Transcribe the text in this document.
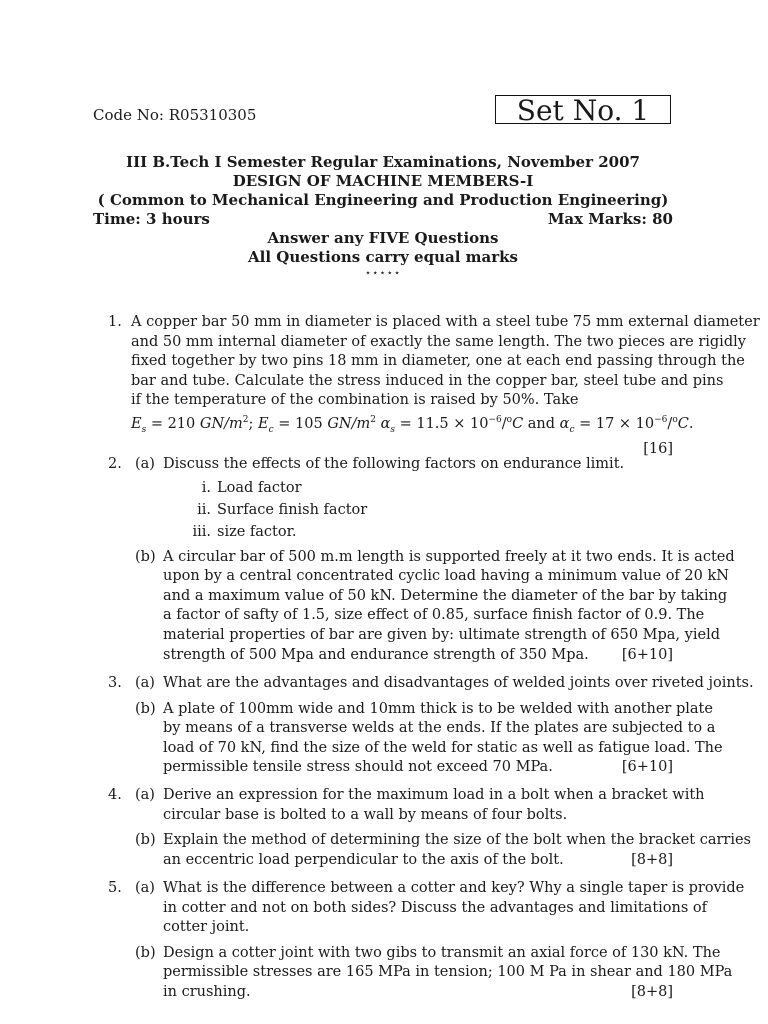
Code No: R05310305	Set No. 1
III B.Tech I Semester Regular Examinations, November 2007
DESIGN OF MACHINE MEMBERS-I
( Common to Mechanical Engineering and Production Engineering)
Time: 3 hours	Max Marks: 80
Answer any FIVE Questions
All Questions carry equal marks
⋆⋆⋆⋆⋆
1. A copper bar 50 mm in diameter is placed with a steel tube 75 mm external diameter
and 50 mm internal diameter of exactly the same length. The two pieces are rigidly
fixed together by two pins 18 mm in diameter, one at each end passing through the
bar and tube. Calculate the stress induced in the copper bar, steel tube and pins
if the temperature of the combination is raised by 50%. Take
$E_s = 210$ $GN/m^2$; $E_c = 105$ $GN/m^2$ $\alpha_s = 11.5 \times 10^{-6}/^oC$ and $\alpha_c = 17 \times 10^{-6}/^oC$.
[16]
2. (a) Discuss the effects of the following factors on endurance limit.
i. Load factor
ii. Surface finish factor
iii. size factor.
(b) A circular bar of 500 m.m length is supported freely at it two ends. It is acted
upon by a central concentrated cyclic load having a minimum value of 20 kN
and a maximum value of 50 kN. Determine the diameter of the bar by taking
a factor of safty of 1.5, size effect of 0.85, surface finish factor of 0.9. The
material properties of bar are given by: ultimate strength of 650 Mpa, yield
strength of 500 Mpa and endurance strength of 350 Mpa. [6+10]
3. (a) What are the advantages and disadvantages of welded joints over riveted joints.
(b) A plate of 100mm wide and 10mm thick is to be welded with another plate
by means of a transverse welds at the ends. If the plates are subjected to a
load of 70 kN, find the size of the weld for static as well as fatigue load. The
permissible tensile stress should not exceed 70 MPa.	[6+10]
4. (a) Derive an expression for the maximum load in a bolt when a bracket with
circular base is bolted to a wall by means of four bolts.
(b) Explain the method of determining the size of the bolt when the bracket carries
an eccentric load perpendicular to the axis of the bolt.	[8+8]
5. (a) What is the difference between a cotter and key? Why a single taper is provide
in cotter and not on both sides? Discuss the advantages and limitations of
cotter joint.
(b) Design a cotter joint with two gibs to transmit an axial force of 130 kN. The
permissible stresses are 165 MPa in tension; 100 M Pa in shear and 180 MPa
in crushing.	[8+8]
